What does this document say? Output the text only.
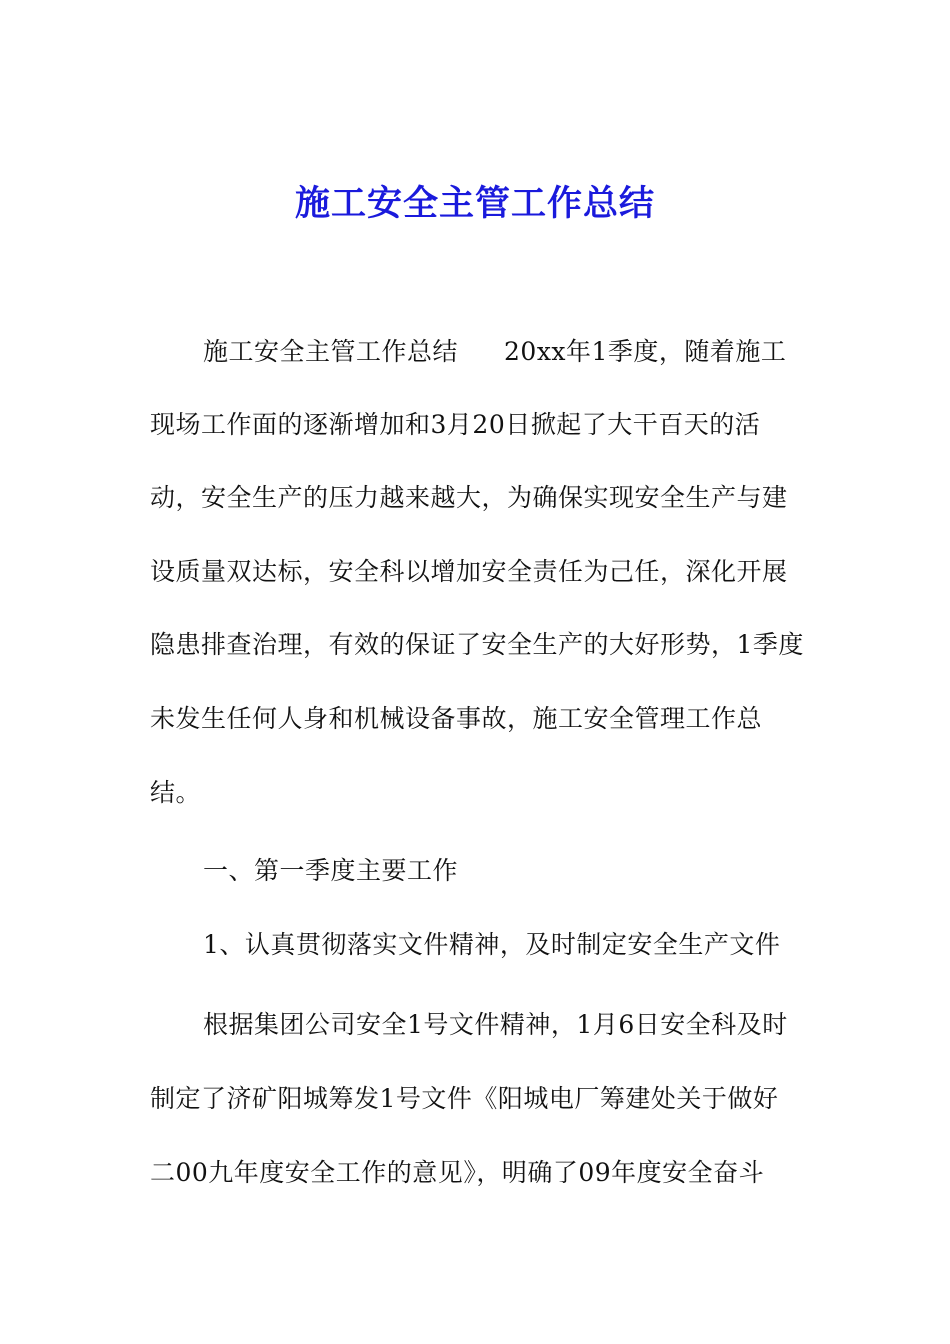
施工安全主管工作总结

施工安全主管工作总结 20xx年1季度，随着施工

现场工作面的逐渐增加和3月20日掀起了大干百天的活

动，安全生产的压力越来越大，为确保实现安全生产与建

设质量双达标，安全科以增加安全责任为己任，深化开展

隐患排查治理，有效的保证了安全生产的大好形势，1季度

未发生任何人身和机械设备事故，施工安全管理工作总

结。

一、第一季度主要工作

1、认真贯彻落实文件精神，及时制定安全生产文件

根据集团公司安全1号文件精神，1月6日安全科及时

制定了济矿阳城筹发1号文件《阳城电厂筹建处关于做好

二00九年度安全工作的意见》，明确了09年度安全奋斗
